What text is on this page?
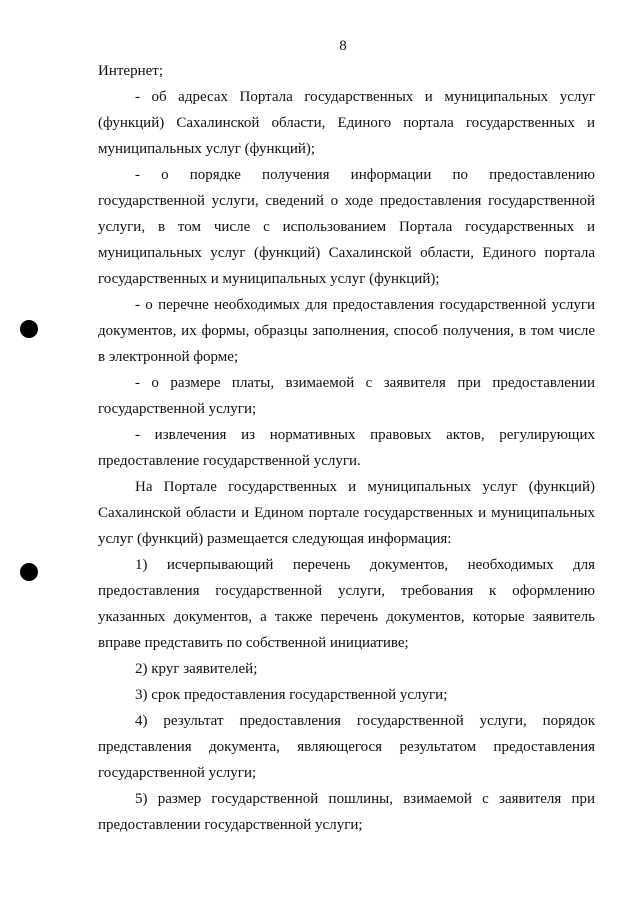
8

Интернет;

- об адресах Портала государственных и муниципальных услуг (функций) Сахалинской области, Единого портала государственных и муниципальных услуг (функций);

- о порядке получения информации по предоставлению государственной услуги, сведений о ходе предоставления государственной услуги, в том числе с использованием Портала государственных и муниципальных услуг (функций) Сахалинской области, Единого портала государственных и муниципальных услуг (функций);

- о перечне необходимых для предоставления государственной услуги документов, их формы, образцы заполнения, способ получения, в том числе в электронной форме;

- о размере платы, взимаемой с заявителя при предоставлении государственной услуги;

- извлечения из нормативных правовых актов, регулирующих предоставление государственной услуги.

На Портале государственных и муниципальных услуг (функций) Сахалинской области и Едином портале государственных и муниципальных услуг (функций) размещается следующая информация:

1) исчерпывающий перечень документов, необходимых для предоставления государственной услуги, требования к оформлению указанных документов, а также перечень документов, которые заявитель вправе представить по собственной инициативе;

2) круг заявителей;

3) срок предоставления государственной услуги;

4) результат предоставления государственной услуги, порядок представления документа, являющегося результатом предоставления государственной услуги;

5) размер государственной пошлины, взимаемой с заявителя при предоставлении государственной услуги;
